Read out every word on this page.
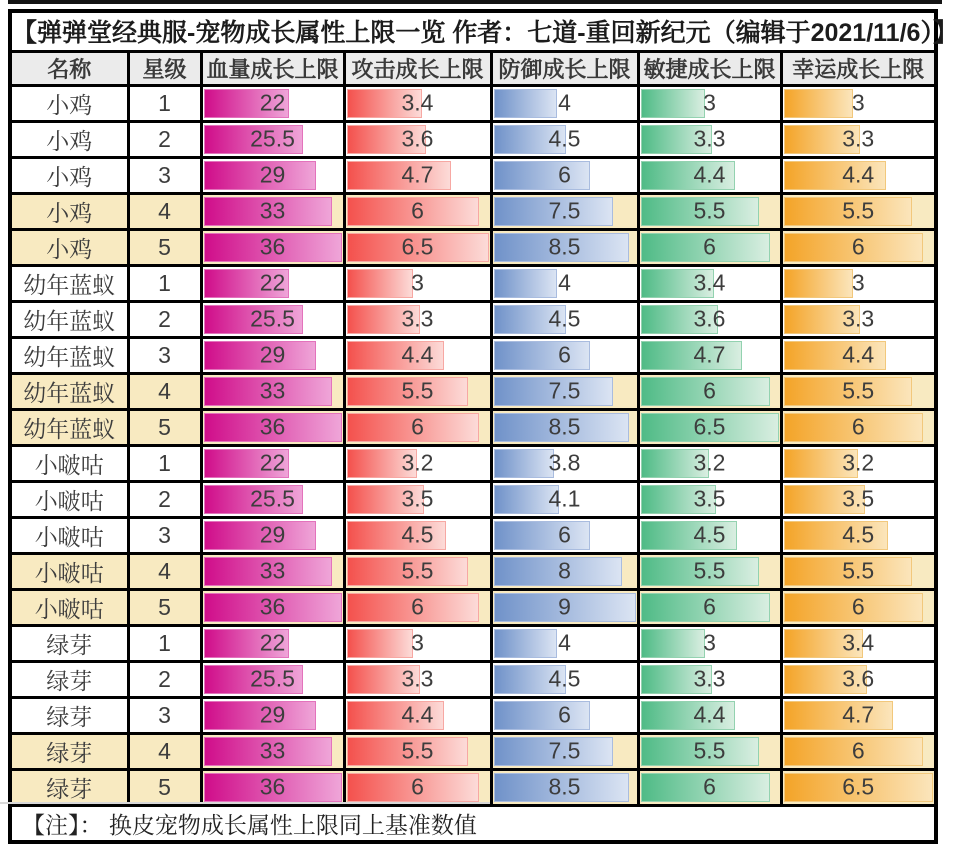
【弹弹堂经典服-宠物成长属性上限一览 作者：七道-重回新纪元（编辑于2021/11/6）】						
名称	星级	血量成长上限	攻击成长上限	防御成长上限	敏捷成长上限	幸运成长上限
小鸡	1	22	3.4	4	3	3

小鸡	2	25.5	3.6	4.5	3.3	3.3

小鸡	3	29	4.7	6	4.4	4.4

小鸡	4	33	6	7.5	5.5	5.5

小鸡	5	36	6.5	8.5	6	6

幼年蓝蚁	1	22	3	4	3.4	3

幼年蓝蚁	2	25.5	3.3	4.5	3.6	3.3

幼年蓝蚁	3	29	4.4	6	4.7	4.4

幼年蓝蚁	4	33	5.5	7.5	6	5.5

幼年蓝蚁	5	36	6	8.5	6.5	6

小啵咕	1	22	3.2	3.8	3.2	3.2

小啵咕	2	25.5	3.5	4.1	3.5	3.5

小啵咕	3	29	4.5	6	4.5	4.5

小啵咕	4	33	5.5	8	5.5	5.5

小啵咕	5	36	6	9	6	6

绿芽	1	22	3	4	3	3.4

绿芽	2	25.5	3.3	4.5	3.3	3.6

绿芽	3	29	4.4	6	4.4	4.7

绿芽	4	33	5.5	7.5	5.5	6

绿芽	5	36	6	8.5	6	6.5

【注】： 换皮宠物成长属性上限同上基准数值						
